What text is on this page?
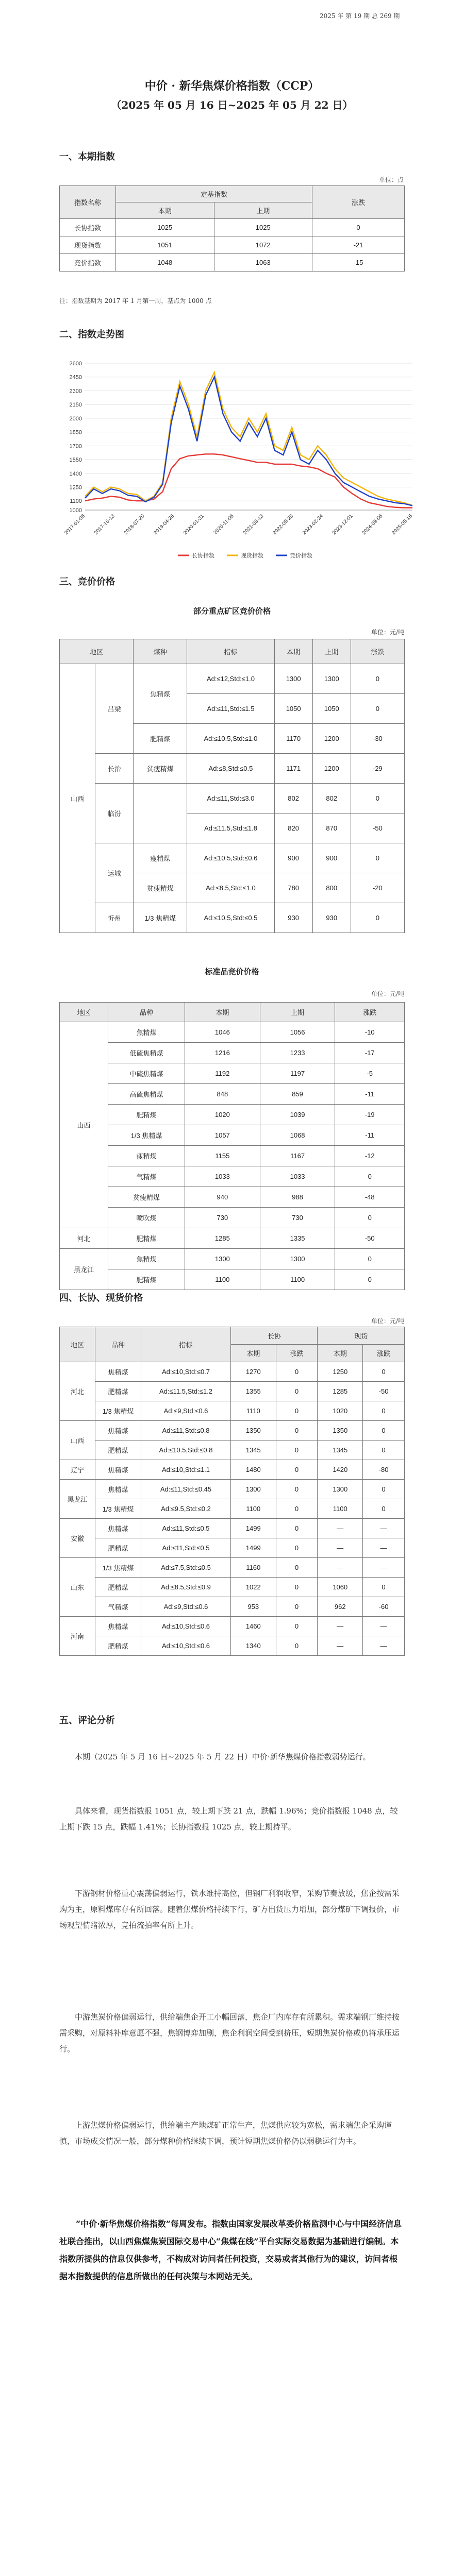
2025 年 第 19 期 总 269 期
中价 · 新华焦煤价格指数（CCP）
（2025 年 05 月 16 日~2025 年 05 月 22 日）
一、本期指数
单位：点
指数名称	定基指数		涨跌
	本期	上期	
长协指数	1025	1025	0
现货指数	1051	1072	-21
竞价指数	1048	1063	-15
注：指数基期为 2017 年 1 月第一周，基点为 1000 点
二、指数走势图
2600
2450
2300
2150
2000
1850
1700
1550
1400
1250
1100
1000
2017-01-06 2017-10-13 2018-07-20 2019-04-26 2020-01-31 2020-11-06 2021-08-13 2022-05-20 2023-02-24 2023-12-01 2024-09-06 2025-05-16
长协指数	现货指数	竞价指数
三、竞价价格
部分重点矿区竞价价格
单位：元/吨
地区		煤种	指标	本期	上期	涨跌
山西	吕梁	焦精煤	Ad:≤12,Std:≤1.0	1300	1300	0
			Ad:≤11,Std:≤1.5	1050	1050	0
		肥精煤	Ad:≤10.5,Std:≤1.0	1170	1200	-30
	长治	贫瘦精煤	Ad:≤8,Std:≤0.5	1171	1200	-29
	临汾		Ad:≤11,Std:≤3.0	802	802	0
			Ad:≤11.5,Std:≤1.8	820	870	-50
	运城	瘦精煤	Ad:≤10.5,Std:≤0.6	900	900	0
		贫瘦精煤	Ad:≤8.5,Std:≤1.0	780	800	-20
	忻州	1/3 焦精煤	Ad:≤10.5,Std:≤0.5	930	930	0
标准品竞价价格
单位：元/吨
地区	品种	本期	上期	涨跌
山西	焦精煤	1046	1056	-10
	低硫焦精煤	1216	1233	-17
	中硫焦精煤	1192	1197	-5
	高硫焦精煤	848	859	-11
	肥精煤	1020	1039	-19
	1/3 焦精煤	1057	1068	-11
	瘦精煤	1155	1167	-12
	气精煤	1033	1033	0
	贫瘦精煤	940	988	-48
	喷吹煤	730	730	0
河北	肥精煤	1285	1335	-50
黑龙江	焦精煤	1300	1300	0
	肥精煤	1100	1100	0
四、长协、现货价格
单位：元/吨
地区	品种	指标	长协		现货	
			本期	涨跌	本期	涨跌
河北	焦精煤	Ad:≤10,Std:≤0.7	1270	0	1250	0
	肥精煤	Ad:≤11.5,Std:≤1.2	1355	0	1285	-50
	1/3 焦精煤	Ad:≤9,Std:≤0.6	1110	0	1020	0
山西	焦精煤	Ad:≤11,Std:≤0.8	1350	0	1350	0
	肥精煤	Ad:≤10.5,Std:≤0.8	1345	0	1345	0
辽宁	焦精煤	Ad:≤10,Std:≤1.1	1480	0	1420	-80
黑龙江	焦精煤	Ad:≤11,Std:≤0.45	1300	0	1300	0
	1/3 焦精煤	Ad:≤9.5,Std:≤0.2	1100	0	1100	0
安徽	焦精煤	Ad:≤11,Std:≤0.5	1499	0	—	—
	肥精煤	Ad:≤11,Std:≤0.5	1499	0	—	—
山东	1/3 焦精煤	Ad:≤7.5,Std:≤0.5	1160	0	—	—
	肥精煤	Ad:≤8.5,Std:≤0.9	1022	0	1060	0
	气精煤	Ad:≤9,Std:≤0.6	953	0	962	-60
河南	焦精煤	Ad:≤10,Std:≤0.6	1460	0	—	—
	肥精煤	Ad:≤10,Std:≤0.6	1340	0	—	—
五、评论分析

本期（2025 年 5 月 16 日~2025 年 5 月 22 日）中价·新华焦煤价格指数弱势运行。

具体来看，现货指数报 1051 点，较上期下跌 21 点，跌幅 1.96%；竞价指数报 1048 点，较上期下跌 15 点，跌幅 1.41%；长协指数报 1025 点，较上期持平。

下游钢材价格重心震荡偏弱运行，铁水维持高位，但钢厂利润收窄，采购节奏放缓，焦企按需采购为主，原料煤库存有所回落。随着焦煤价格持续下行，矿方出货压力增加，部分煤矿下调报价，市场观望情绪浓厚，竞拍流拍率有所上升。

中游焦炭价格偏弱运行，供给端焦企开工小幅回落，焦企厂内库存有所累积。需求端钢厂维持按需采购，对原料补库意愿不强，焦钢博弈加剧，焦企利润空间受到挤压，短期焦炭价格或仍将承压运行。

上游焦煤价格偏弱运行，供给端主产地煤矿正常生产，焦煤供应较为宽松，需求端焦企采购谨慎，市场成交情况一般，部分煤种价格继续下调，预计短期焦煤价格仍以弱稳运行为主。

“中价·新华焦煤价格指数”每周发布。指数由国家发展改革委价格监测中心与中国经济信息社联合推出，以山西焦煤焦炭国际交易中心“焦煤在线”平台实际交易数据为基础进行编制。本指数所提供的信息仅供参考，不构成对访问者任何投资，交易或者其他行为的建议，访问者根据本指数提供的信息所做出的任何决策与本网站无关。
